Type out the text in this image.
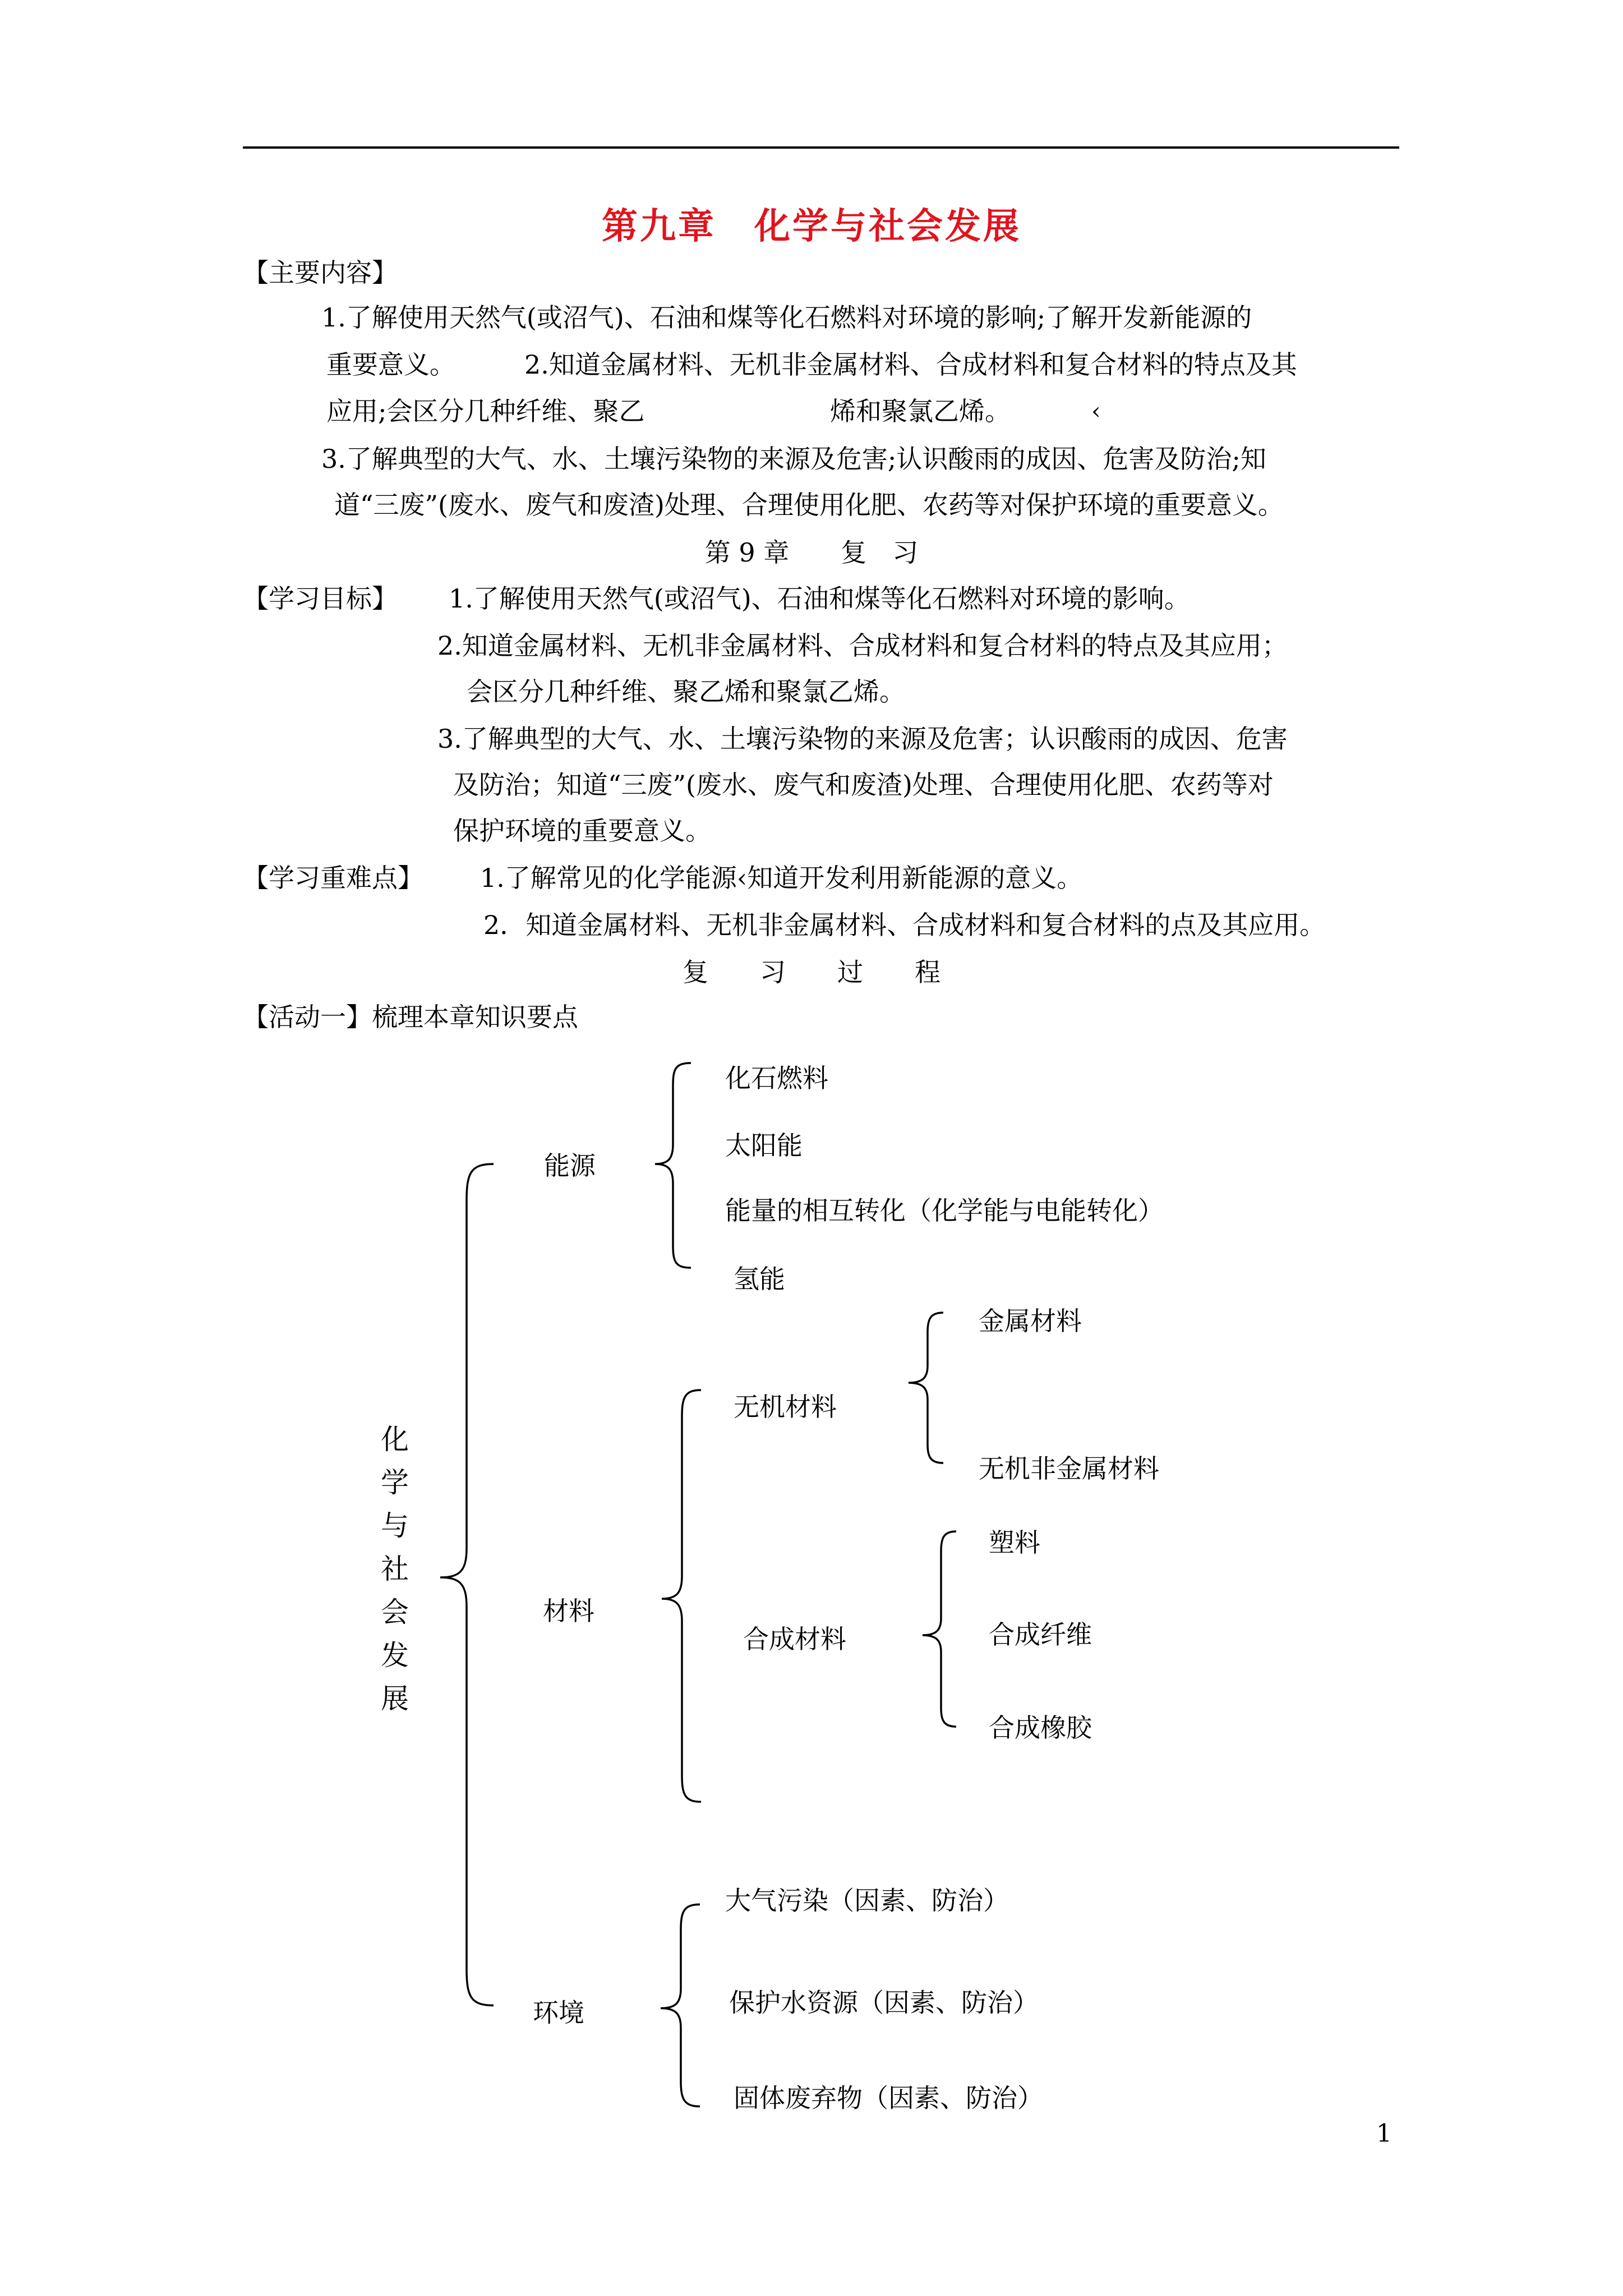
第九章　化学与社会发展
【主要内容】
1.了解使用天然气(或沼气)、石油和煤等化石燃料对环境的影响;了解开发新能源的
重要意义。	2.知道金属材料、无机非金属材料、合成材料和复合材料的特点及其
应用;会区分几种纤维、聚乙	烯和聚氯乙烯。	‹
3.了解典型的大气、水、土壤污染物的来源及危害;认识酸雨的成因、危害及防治;知
道“三废”(废水、废气和废渣)处理、合理使用化肥、农药等对保护环境的重要意义。
第 9 章　　复　习
【学习目标】 1.了解使用天然气(或沼气)、石油和煤等化石燃料对环境的影响。
2.知道金属材料、无机非金属材料、合成材料和复合材料的特点及其应用；
会区分几种纤维、聚乙烯和聚氯乙烯。
3.了解典型的大气、水、土壤污染物的来源及危害；认识酸雨的成因、危害
及防治；知道“三废”(废水、废气和废渣)处理、合理使用化肥、农药等对
保护环境的重要意义。
【学习重难点】 1.了解常见的化学能源‹知道开发利用新能源的意义。
2．知道金属材料、无机非金属材料、合成材料和复合材料的点及其应用。
复　　习　　过　　程
【活动一】梳理本章知识要点
化
学
与
社
会
发
展
能源
化石燃料
太阳能
能量的相互转化（化学能与电能转化）
氢能
材料
无机材料
金属材料
无机非金属材料
合成材料
塑料
合成纤维
合成橡胶
环境
大气污染（因素、防治）
保护水资源（因素、防治）
固体废弃物（因素、防治）
1
